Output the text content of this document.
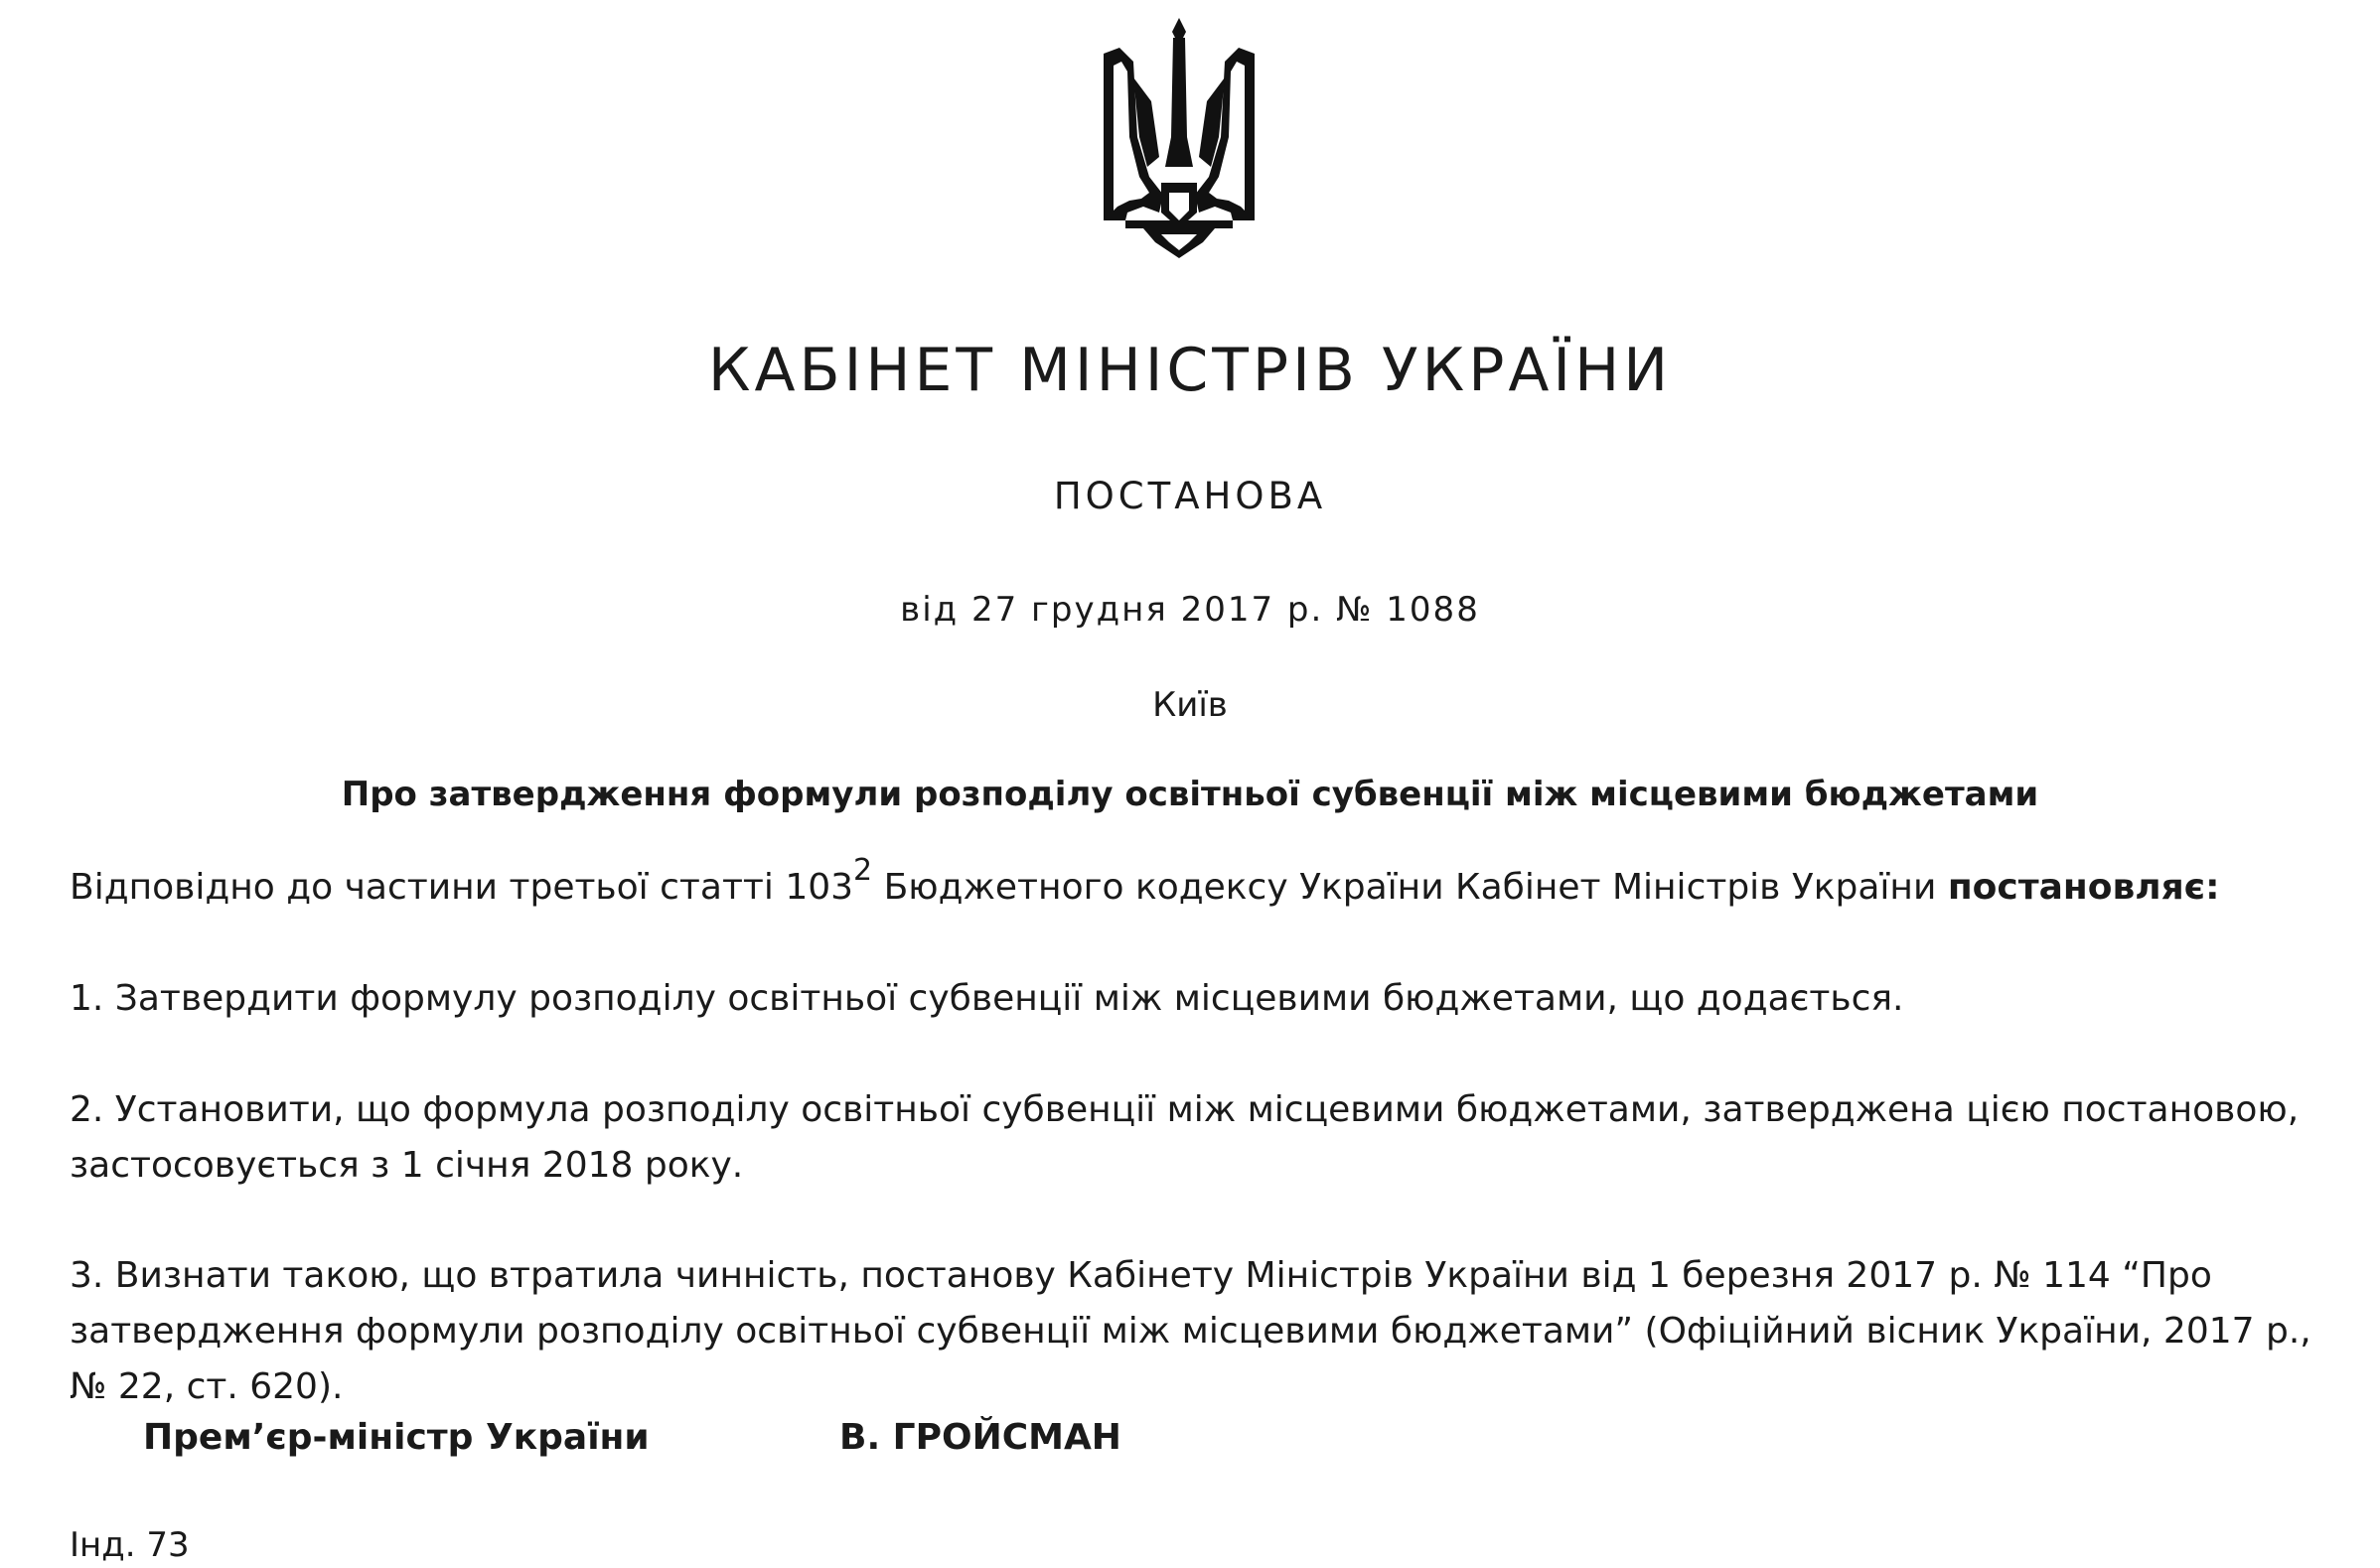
КАБІНЕТ МІНІСТРІВ УКРАЇНИ
ПОСТАНОВА
від 27 грудня 2017 р. № 1088
Київ
Про затвердження формули розподілу освітньої субвенції між місцевими бюджетами

Відповідно до частини третьої статті $103^2$ Бюджетного кодексу України Кабінет Міністрів України постановляє:

1. Затвердити формулу розподілу освітньої субвенції між місцевими бюджетами, що додається.

2. Установити, що формула розподілу освітньої субвенції між місцевими бюджетами, затверджена цією постановою, застосовується з 1 січня 2018 року.

3. Визнати такою, що втратила чинність, постанову Кабінету Міністрів України від 1 березня 2017 р. № 114 “Про затвердження формули розподілу освітньої субвенції між місцевими бюджетами” (Офіційний вісник України, 2017 р., № 22, ст. 620).

Прем’єр-міністр України	В. ГРОЙСМАН
Інд. 73
